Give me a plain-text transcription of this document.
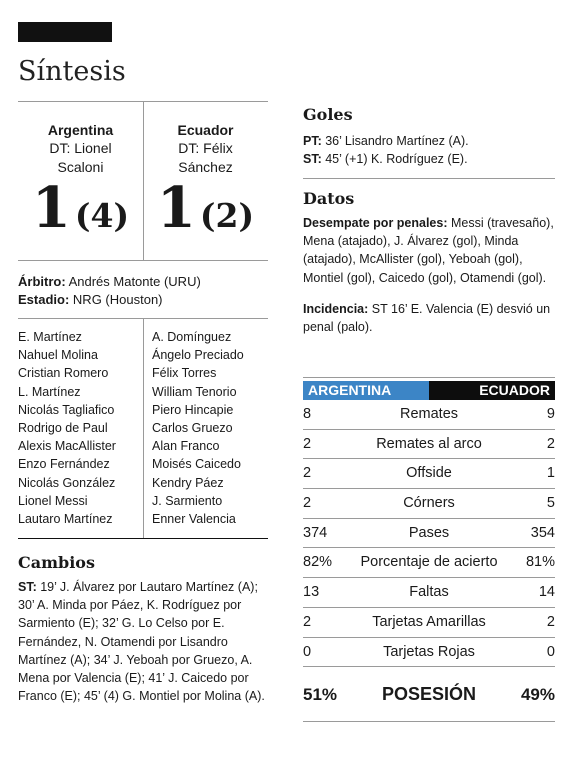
Síntesis
Argentina
DT: Lionel Scaloni
1 (4)
Ecuador
DT: Félix Sánchez
1 (2)
Árbitro: Andrés Matonte (URU)
Estadio: NRG (Houston)
E. Martínez
Nahuel Molina
Cristian Romero
L. Martínez
Nicolás Tagliafico
Rodrigo de Paul
Alexis MacAllister
Enzo Fernández
Nicolás González
Lionel Messi
Lautaro Martínez
A. Domínguez
Ángelo Preciado
Félix Torres
William Tenorio
Piero Hincapie
Carlos Gruezo
Alan Franco
Moisés Caicedo
Kendry Páez
J. Sarmiento
Enner Valencia
Cambios

ST: 19’ J. Álvarez por Lautaro Martínez (A); 30’ A. Minda por Páez, K. Rodríguez por Sarmiento (E); 32’ G. Lo Celso por E. Fernández, N. Otamendi por Lisandro Martínez (A); 34’ J. Yeboah por Gruezo, A. Mena por Valencia (E); 41’ J. Caicedo por Franco (E); 45’ (4) G. Montiel por Molina (A).

Goles
PT: 36’ Lisandro Martínez (A).
ST: 45’ (+1) K. Rodríguez (E).
Datos

Desempate por penales: Messi (travesaño), Mena (atajado), J. Álvarez (gol), Minda (atajado), McAllister (gol), Yeboah (gol), Montiel (gol), Caicedo (gol), Otamendi (gol).

Incidencia: ST 16’ E. Valencia (E) desvió un penal (palo).

ARGENTINA	ECUADOR
8	Remates	9
2	Remates al arco	2
2	Offside	1
2	Córners	5
374	Pases	354
82%	Porcentaje de acierto	81%
13	Faltas	14
2	Tarjetas Amarillas	2
0	Tarjetas Rojas	0
51%	POSESIÓN	49%
